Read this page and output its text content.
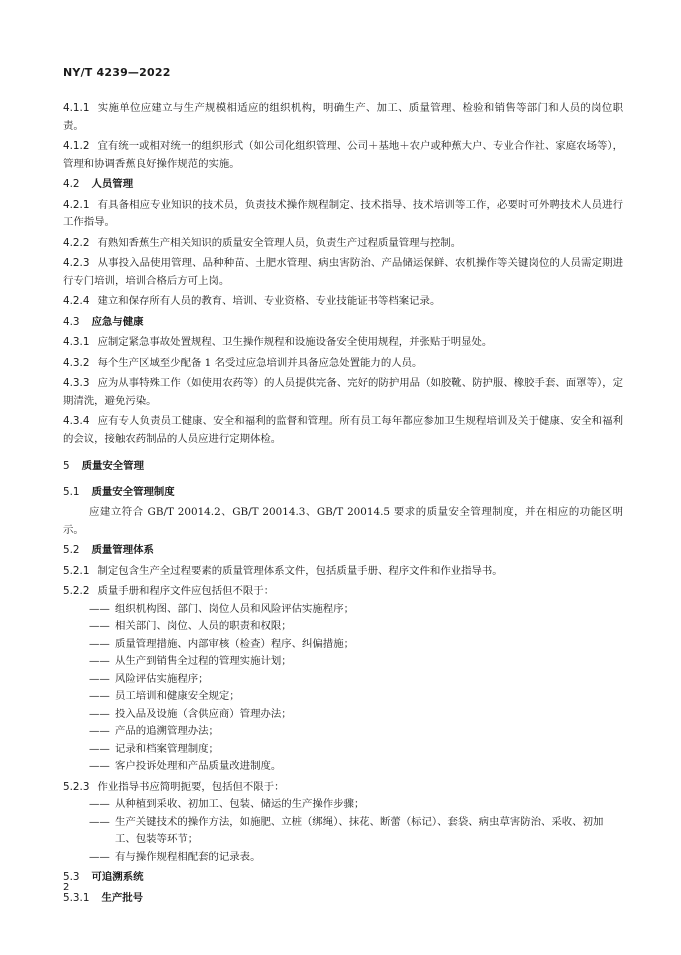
NY/T 4239—2022

4.1.1 实施单位应建立与生产规模相适应的组织机构，明确生产、加工、质量管理、检验和销售等部门和人员的岗位职责。

4.1.2 宜有统一或相对统一的组织形式（如公司化组织管理、公司＋基地＋农户或种蕉大户、专业合作社、家庭农场等），管理和协调香蕉良好操作规范的实施。

4.2 人员管理

4.2.1 有具备相应专业知识的技术员，负责技术操作规程制定、技术指导、技术培训等工作，必要时可外聘技术人员进行工作指导。

4.2.2 有熟知香蕉生产相关知识的质量安全管理人员，负责生产过程质量管理与控制。

4.2.3 从事投入品使用管理、品种种苗、土肥水管理、病虫害防治、产品储运保鲜、农机操作等关键岗位的人员需定期进行专门培训，培训合格后方可上岗。

4.2.4 建立和保存所有人员的教育、培训、专业资格、专业技能证书等档案记录。

4.3 应急与健康

4.3.1 应制定紧急事故处置规程、卫生操作规程和设施设备安全使用规程，并张贴于明显处。

4.3.2 每个生产区域至少配备 1 名受过应急培训并具备应急处置能力的人员。

4.3.3 应为从事特殊工作（如使用农药等）的人员提供完备、完好的防护用品（如胶靴、防护服、橡胶手套、面罩等），定期清洗，避免污染。

4.3.4 应有专人负责员工健康、安全和福利的监督和管理。所有员工每年都应参加卫生规程培训及关于健康、安全和福利的会议，接触农药制品的人员应进行定期体检。

5 质量安全管理

5.1 质量安全管理制度

应建立符合 GB/T 20014.2、GB/T 20014.3、GB/T 20014.5 要求的质量安全管理制度，并在相应的功能区明示。

5.2 质量管理体系

5.2.1 制定包含生产全过程要素的质量管理体系文件，包括质量手册、程序文件和作业指导书。

5.2.2 质量手册和程序文件应包括但不限于：

—— 组织机构图、部门、岗位人员和风险评估实施程序；
—— 相关部门、岗位、人员的职责和权限；
—— 质量管理措施、内部审核（检查）程序、纠偏措施；
—— 从生产到销售全过程的管理实施计划；
—— 风险评估实施程序；
—— 员工培训和健康安全规定；
—— 投入品及设施（含供应商）管理办法；
—— 产品的追溯管理办法；
—— 记录和档案管理制度；
—— 客户投诉处理和产品质量改进制度。

5.2.3 作业指导书应简明扼要，包括但不限于：

—— 从种植到采收、初加工、包装、储运的生产操作步骤；
—— 生产关键技术的操作方法，如施肥、立桩（绑绳）、抹花、断蕾（标记）、套袋、病虫草害防治、采收、初加工、包装等环节；
—— 有与操作规程相配套的记录表。

5.3 可追溯系统

5.3.1 生产批号

2
